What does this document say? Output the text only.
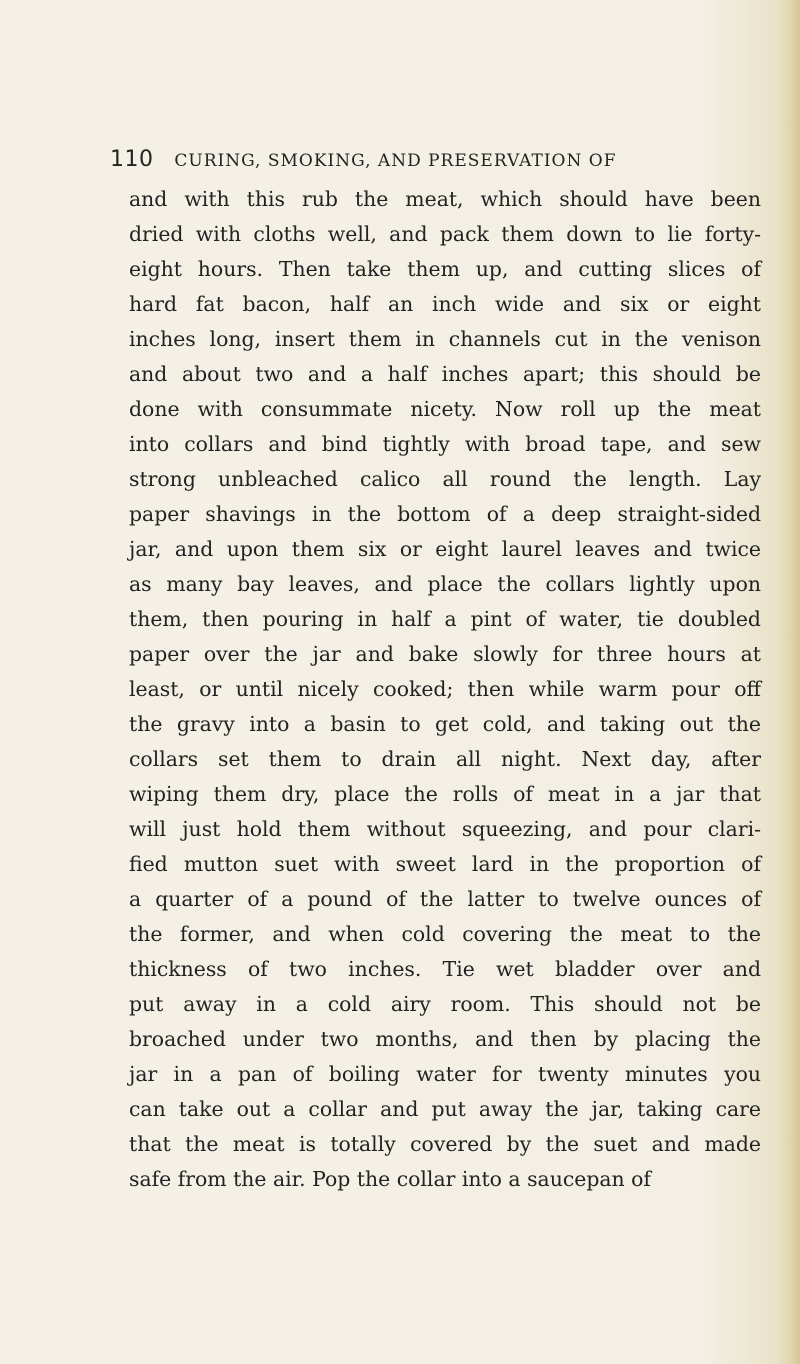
110 CURING, SMOKING, AND PRESERVATION OF
and with this rub the meat, which should have been
dried with cloths well, and pack them down to lie forty-
eight hours. Then take them up, and cutting slices of
hard fat bacon, half an inch wide and six or eight
inches long, insert them in channels cut in the venison
and about two and a half inches apart; this should be
done with consummate nicety. Now roll up the meat
into collars and bind tightly with broad tape, and sew
strong unbleached calico all round the length. Lay
paper shavings in the bottom of a deep straight-sided
jar, and upon them six or eight laurel leaves and twice
as many bay leaves, and place the collars lightly upon
them, then pouring in half a pint of water, tie doubled
paper over the jar and bake slowly for three hours at
least, or until nicely cooked; then while warm pour off
the gravy into a basin to get cold, and taking out the
collars set them to drain all night. Next day, after
wiping them dry, place the rolls of meat in a jar that
will just hold them without squeezing, and pour clari-
fied mutton suet with sweet lard in the proportion of
a quarter of a pound of the latter to twelve ounces of
the former, and when cold covering the meat to the
thickness of two inches. Tie wet bladder over and
put away in a cold airy room. This should not be
broached under two months, and then by placing the
jar in a pan of boiling water for twenty minutes you
can take out a collar and put away the jar, taking care
that the meat is totally covered by the suet and made
safe from the air. Pop the collar into a saucepan of
